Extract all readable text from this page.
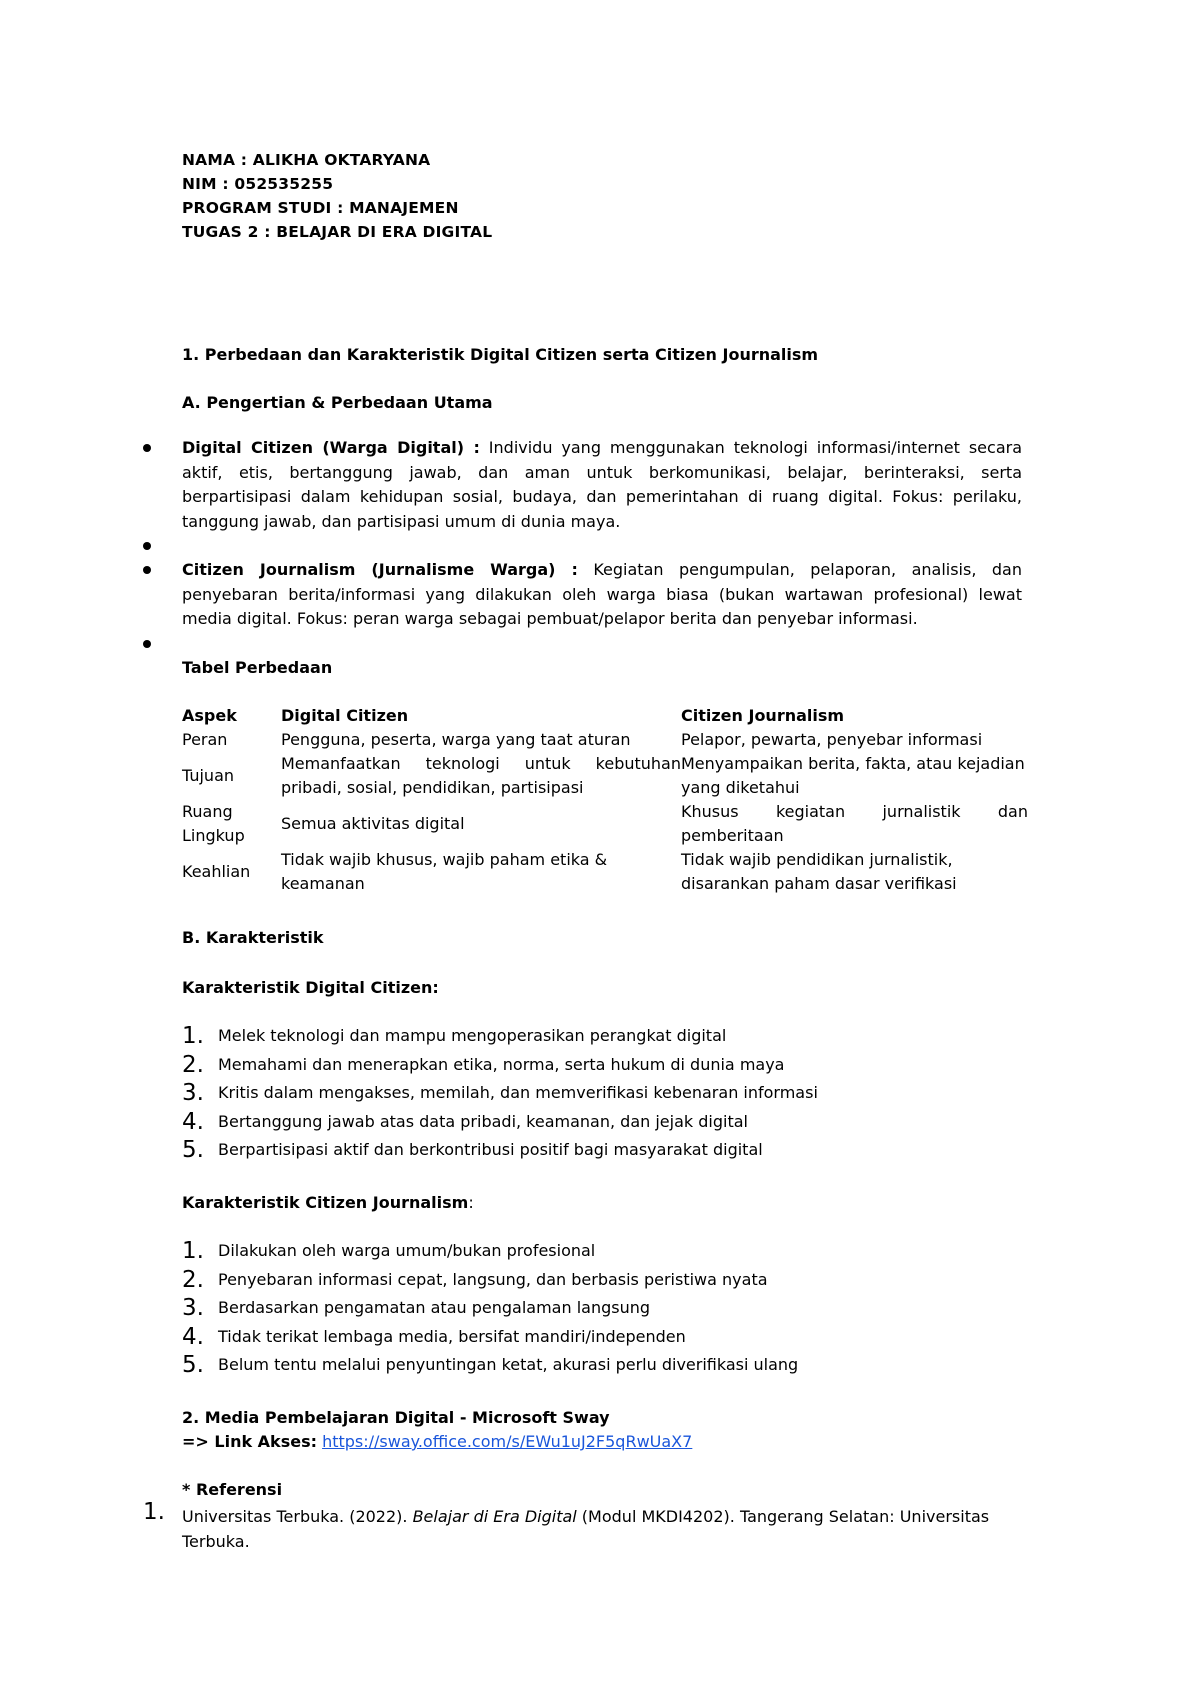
NAMA : ALIKHA OKTARYANA
NIM : 052535255
PROGRAM STUDI : MANAJEMEN
TUGAS 2 : BELAJAR DI ERA DIGITAL
1. Perbedaan dan Karakteristik Digital Citizen serta Citizen Journalism
A. Pengertian & Perbedaan Utama
Digital Citizen (Warga Digital) : Individu yang menggunakan teknologi informasi/internet secara aktif, etis, bertanggung jawab, dan aman untuk berkomunikasi, belajar, berinteraksi, serta berpartisipasi dalam kehidupan sosial, budaya, dan pemerintahan di ruang digital. Fokus: perilaku, tanggung jawab, dan partisipasi umum di dunia maya.
Citizen Journalism (Jurnalisme Warga) : Kegiatan pengumpulan, pelaporan, analisis, dan penyebaran berita/informasi yang dilakukan oleh warga biasa (bukan wartawan profesional) lewat media digital. Fokus: peran warga sebagai pembuat/pelapor berita dan penyebar informasi.
Tabel Perbedaan
Aspek	Digital Citizen	Citizen Journalism
Peran	Pengguna, peserta, warga yang taat aturan	Pelapor, pewarta, penyebar informasi
Tujuan	Memanfaatkan teknologi untuk kebutuhan pribadi, sosial, pendidikan, partisipasi	Menyampaikan berita, fakta, atau kejadian yang diketahui
Ruang Lingkup	Semua aktivitas digital	Khusus kegiatan jurnalistik dan pemberitaan
Keahlian	Tidak wajib khusus, wajib paham etika & keamanan	Tidak wajib pendidikan jurnalistik, disarankan paham dasar verifikasi
B. Karakteristik
Karakteristik Digital Citizen:
1. Melek teknologi dan mampu mengoperasikan perangkat digital
2. Memahami dan menerapkan etika, norma, serta hukum di dunia maya
3. Kritis dalam mengakses, memilah, dan memverifikasi kebenaran informasi
4. Bertanggung jawab atas data pribadi, keamanan, dan jejak digital
5. Berpartisipasi aktif dan berkontribusi positif bagi masyarakat digital
Karakteristik Citizen Journalism:
1. Dilakukan oleh warga umum/bukan profesional
2. Penyebaran informasi cepat, langsung, dan berbasis peristiwa nyata
3. Berdasarkan pengamatan atau pengalaman langsung
4. Tidak terikat lembaga media, bersifat mandiri/independen
5. Belum tentu melalui penyuntingan ketat, akurasi perlu diverifikasi ulang
2. Media Pembelajaran Digital - Microsoft Sway
=> Link Akses: https://sway.office.com/s/EWu1uJ2F5qRwUaX7
* Referensi
1. Universitas Terbuka. (2022). Belajar di Era Digital (Modul MKDI4202). Tangerang Selatan: Universitas Terbuka.
